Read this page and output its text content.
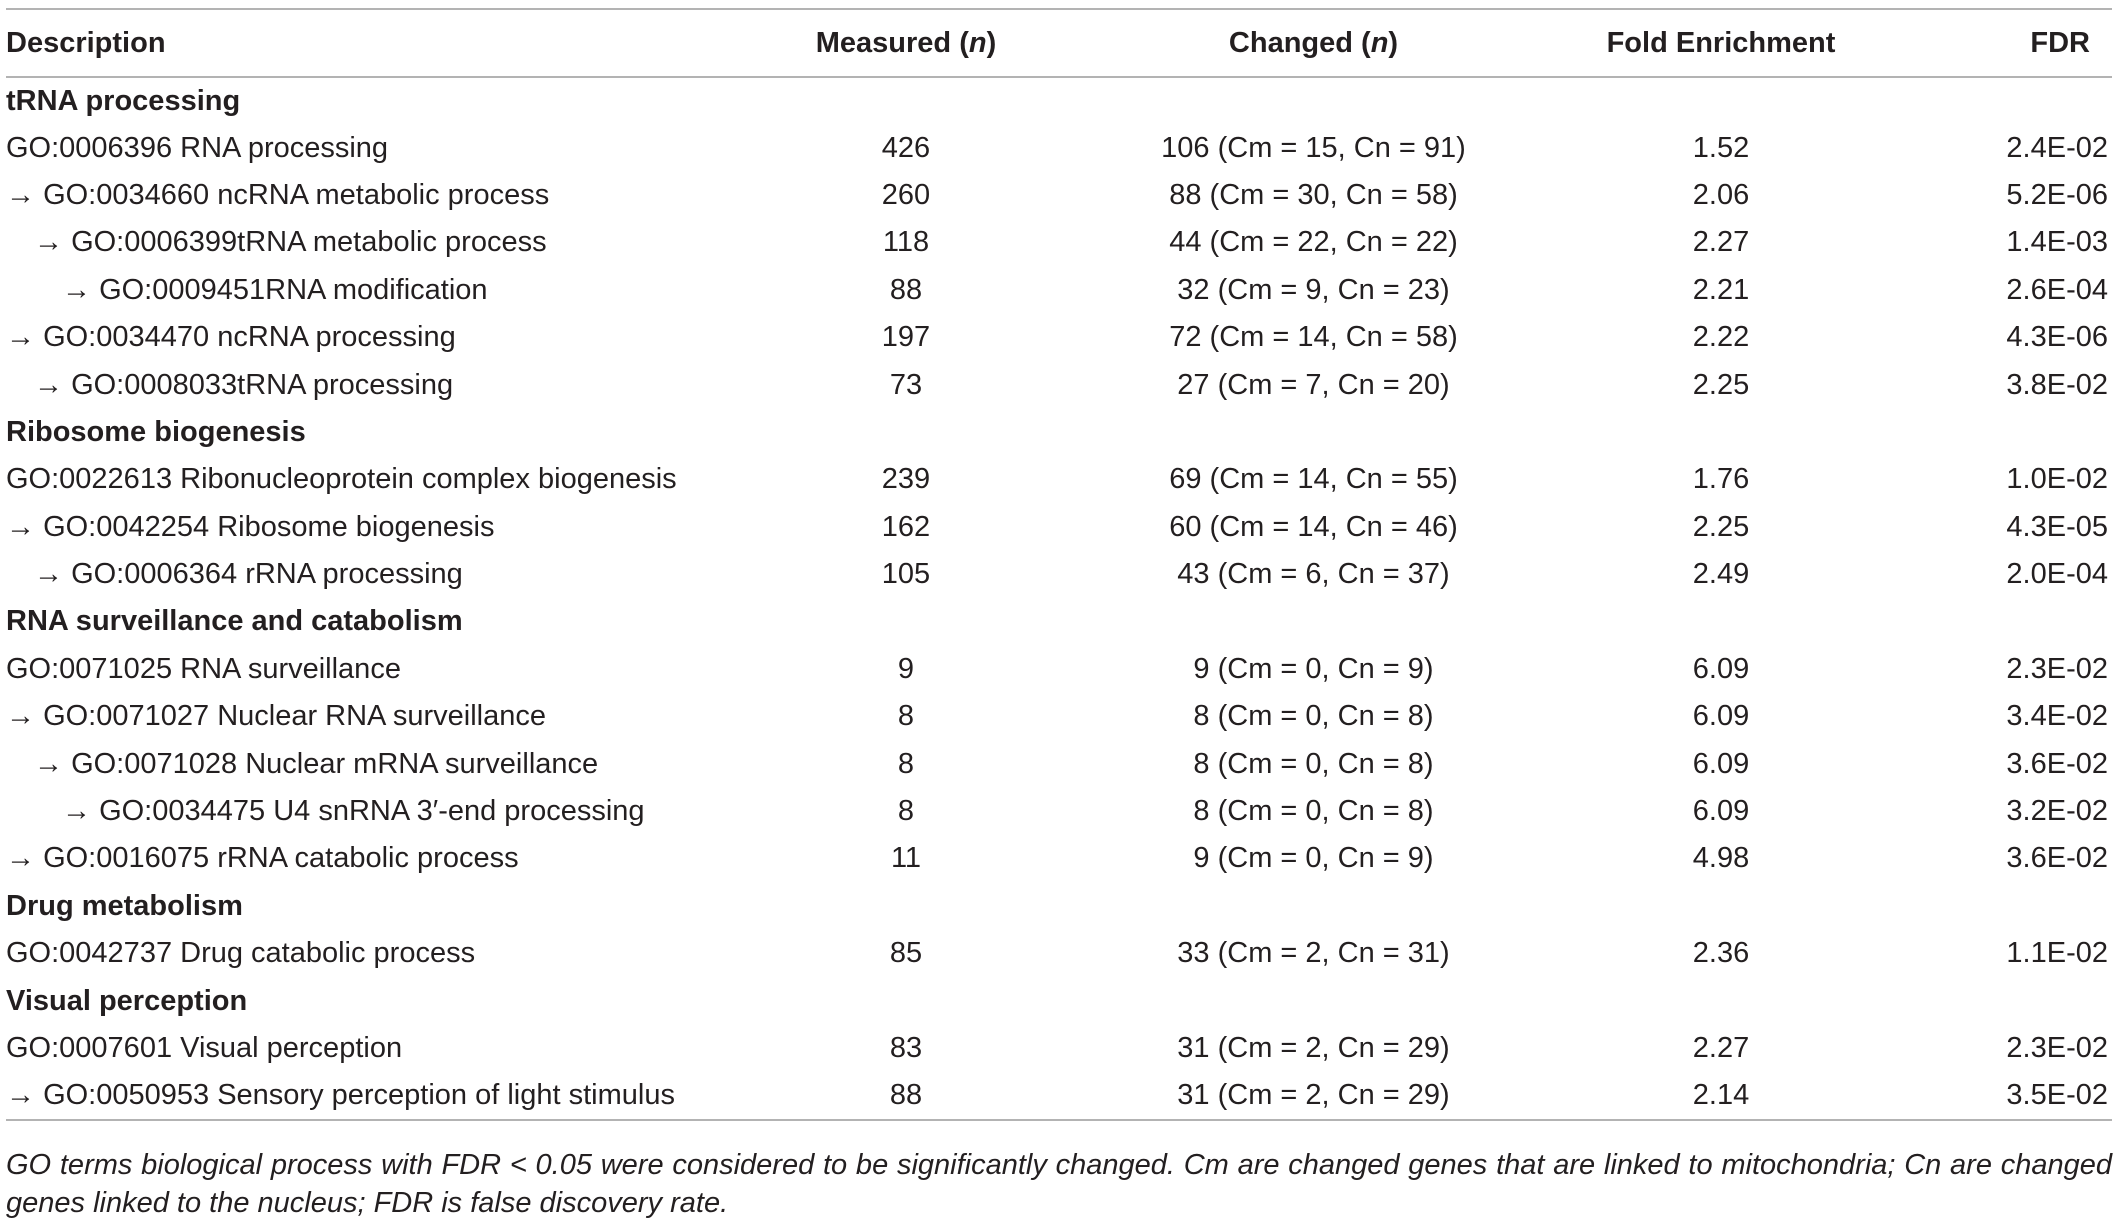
Description	Measured (n)	Changed (n)	Fold Enrichment	FDR
tRNA processing				
GO:0006396 RNA processing	426	106 (Cm = 15, Cn = 91)	1.52	2.4E-02
→ GO:0034660 ncRNA metabolic process	260	88 (Cm = 30, Cn = 58)	2.06	5.2E-06
→ GO:0006399tRNA metabolic process	118	44 (Cm = 22, Cn = 22)	2.27	1.4E-03
→ GO:0009451RNA modification	88	32 (Cm = 9, Cn = 23)	2.21	2.6E-04
→ GO:0034470 ncRNA processing	197	72 (Cm = 14, Cn = 58)	2.22	4.3E-06
→ GO:0008033tRNA processing	73	27 (Cm = 7, Cn = 20)	2.25	3.8E-02
Ribosome biogenesis				
GO:0022613 Ribonucleoprotein complex biogenesis	239	69 (Cm = 14, Cn = 55)	1.76	1.0E-02
→ GO:0042254 Ribosome biogenesis	162	60 (Cm = 14, Cn = 46)	2.25	4.3E-05
→ GO:0006364 rRNA processing	105	43 (Cm = 6, Cn = 37)	2.49	2.0E-04
RNA surveillance and catabolism				
GO:0071025 RNA surveillance	9	9 (Cm = 0, Cn = 9)	6.09	2.3E-02
→ GO:0071027 Nuclear RNA surveillance	8	8 (Cm = 0, Cn = 8)	6.09	3.4E-02
→ GO:0071028 Nuclear mRNA surveillance	8	8 (Cm = 0, Cn = 8)	6.09	3.6E-02
→ GO:0034475 U4 snRNA 3′-end processing	8	8 (Cm = 0, Cn = 8)	6.09	3.2E-02
→ GO:0016075 rRNA catabolic process	11	9 (Cm = 0, Cn = 9)	4.98	3.6E-02
Drug metabolism				
GO:0042737 Drug catabolic process	85	33 (Cm = 2, Cn = 31)	2.36	1.1E-02
Visual perception				
GO:0007601 Visual perception	83	31 (Cm = 2, Cn = 29)	2.27	2.3E-02
→ GO:0050953 Sensory perception of light stimulus	88	31 (Cm = 2, Cn = 29)	2.14	3.5E-02
GO terms biological process with FDR < 0.05 were considered to be significantly changed. Cm are changed genes that are linked to mitochondria; Cn are changed genes linked to the nucleus; FDR is false discovery rate.
